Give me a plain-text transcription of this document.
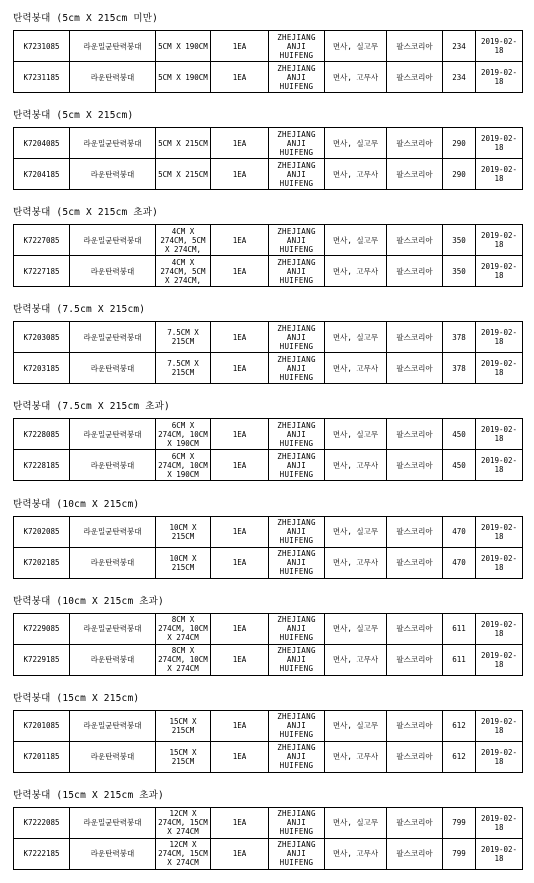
탄력붕대 (5cm X 215cm 미만)
K7231085	라운밀균탄력붕대	5CM X 190CM	1EA	ZHEJIANG ANJI HUIFENG	면사, 실고무	팔스코리아	234	2019-02-18
K7231185	라운탄력붕대	5CM X 190CM	1EA	ZHEJIANG ANJI HUIFENG	면사, 고무사	팔스코리아	234	2019-02-18
탄력붕대 (5cm X 215cm)
K7204085	라운밀균탄력붕대	5CM X 215CM	1EA	ZHEJIANG ANJI HUIFENG	면사, 실고무	팔스코리아	290	2019-02-18
K7204185	라운탄력붕대	5CM X 215CM	1EA	ZHEJIANG ANJI HUIFENG	면사, 고무사	팔스코리아	290	2019-02-18
탄력붕대 (5cm X 215cm 초과)
K7227085	라운밀균탄력붕대	4CM X 274CM, 5CM X 274CM,	1EA	ZHEJIANG ANJI HUIFENG	면사, 실고무	팔스코리아	350	2019-02-18
K7227185	라운탄력붕대	4CM X 274CM, 5CM X 274CM,	1EA	ZHEJIANG ANJI HUIFENG	면사, 고무사	팔스코리아	350	2019-02-18
탄력붕대 (7.5cm X 215cm)
K7203085	라운밀균탄력붕대	7.5CM X 215CM	1EA	ZHEJIANG ANJI HUIFENG	면사, 실고무	팔스코리아	378	2019-02-18
K7203185	라운탄력붕대	7.5CM X 215CM	1EA	ZHEJIANG ANJI HUIFENG	면사, 고무사	팔스코리아	378	2019-02-18
탄력붕대 (7.5cm X 215cm 초과)
K7228085	라운밀균탄력붕대	6CM X 274CM, 10CM X 190CM	1EA	ZHEJIANG ANJI HUIFENG	면사, 실고무	팔스코리아	450	2019-02-18
K7228185	라운탄력붕대	6CM X 274CM, 10CM X 190CM	1EA	ZHEJIANG ANJI HUIFENG	면사, 고무사	팔스코리아	450	2019-02-18
탄력붕대 (10cm X 215cm)
K7202085	라운밀균탄력붕대	10CM X 215CM	1EA	ZHEJIANG ANJI HUIFENG	면사, 실고무	팔스코리아	470	2019-02-18
K7202185	라운탄력붕대	10CM X 215CM	1EA	ZHEJIANG ANJI HUIFENG	면사, 고무사	팔스코리아	470	2019-02-18
탄력붕대 (10cm X 215cm 초과)
K7229085	라운밀균탄력붕대	8CM X 274CM, 10CM X 274CM	1EA	ZHEJIANG ANJI HUIFENG	면사, 실고무	팔스코리아	611	2019-02-18
K7229185	라운탄력붕대	8CM X 274CM, 10CM X 274CM	1EA	ZHEJIANG ANJI HUIFENG	면사, 고무사	팔스코리아	611	2019-02-18
탄력붕대 (15cm X 215cm)
K7201085	라운밀균탄력붕대	15CM X 215CM	1EA	ZHEJIANG ANJI HUIFENG	면사, 실고무	팔스코리아	612	2019-02-18
K7201185	라운탄력붕대	15CM X 215CM	1EA	ZHEJIANG ANJI HUIFENG	면사, 고무사	팔스코리아	612	2019-02-18
탄력붕대 (15cm X 215cm 초과)
K7222085	라운밀균탄력붕대	12CM X 274CM, 15CM X 274CM	1EA	ZHEJIANG ANJI HUIFENG	면사, 실고무	팔스코리아	799	2019-02-18
K7222185	라운탄력붕대	12CM X 274CM, 15CM X 274CM	1EA	ZHEJIANG ANJI HUIFENG	면사, 고무사	팔스코리아	799	2019-02-18
